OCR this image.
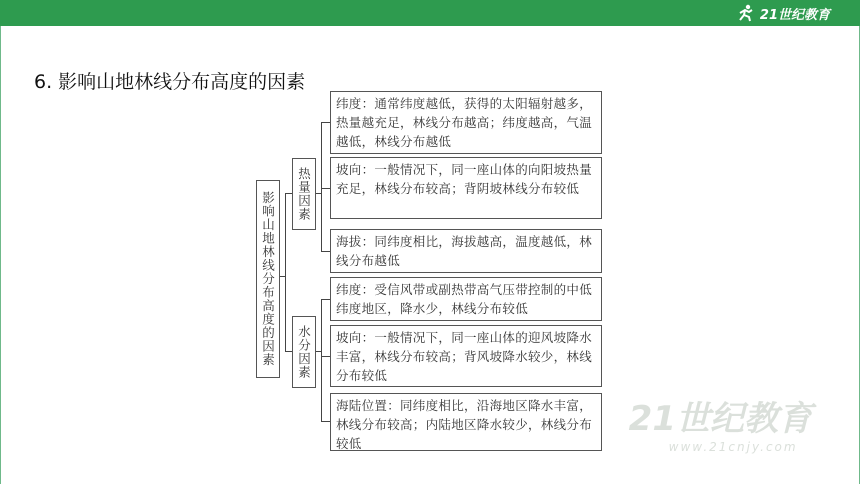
21世纪教育
6. 影响山地林线分布高度的因素
影响山地林线分布高度的因素	热量因素
水分因素
纬度：通常纬度越低，获得的太阳辐射越多，热量越充足，林线分布越高；纬度越高，气温越低，林线分布越低
坡向：一般情况下，同一座山体的向阳坡热量充足，林线分布较高；背阴坡林线分布较低
海拔：同纬度相比，海拔越高，温度越低，林线分布越低
纬度：受信风带或副热带高气压带控制的中低纬度地区，降水少，林线分布较低
坡向：一般情况下，同一座山体的迎风坡降水丰富，林线分布较高；背风坡降水较少，林线分布较低
海陆位置：同纬度相比，沿海地区降水丰富，林线分布较高；内陆地区降水较少，林线分布较低
21世纪教育
www.21cnjy.com
